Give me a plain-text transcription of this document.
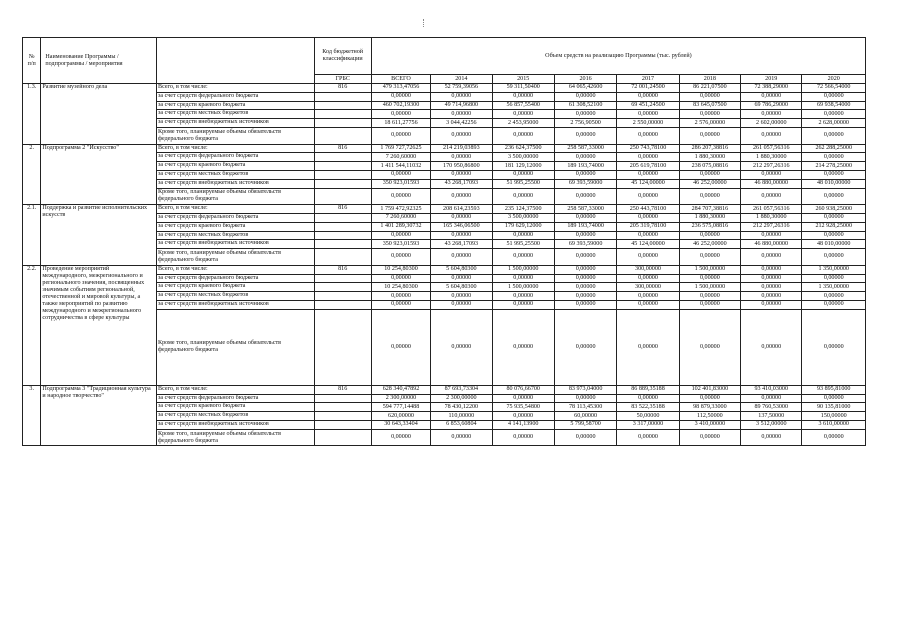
№
п/п	Наименование Программы / подпрограммы / мероприятия		Код бюджетной классификации	Объем средств на реализацию Программы (тыс. рублей)							
			ГРБС	ВСЕГО	2014	2015	2016	2017	2018	2019	2020
1.3.	Развитие музейного дела	Всего, в том числе:	816	479 313,47056	52 759,39056	59 311,50400	64 065,42600	72 001,24500	86 221,07500	72 388,29000	72 566,54000
		за счет средств федерального бюджета		0,00000	0,00000	0,00000	0,00000	0,00000	0,00000	0,00000	0,00000
		за счет средств краевого бюджета		460 702,19300	49 714,96800	56 857,55400	61 308,52100	69 451,24500	83 645,07500	69 786,29000	69 938,54000
		за счет средств местных бюджетов		0,00000	0,00000	0,00000	0,00000	0,00000	0,00000	0,00000	0,00000
		за счет средств внебюджетных источников		18 611,27756	3 044,42256	2 453,95000	2 756,90500	2 550,00000	2 576,00000	2 602,00000	2 628,00000
		Кроме того, планируемые объемы обязательств федерального бюджета		0,00000	0,00000	0,00000	0,00000	0,00000	0,00000	0,00000	0,00000
2.	Подпрограмма 2 "Искусство"	Всего, в том числе:	816	1 769 727,72625	214 219,03893	236 624,37500	258 587,33000	250 743,78100	286 207,38816	261 057,56316	262 288,25000
		за счет средств федерального бюджета		7 260,60000	0,00000	3 500,00000	0,00000	0,00000	1 880,30000	1 880,30000	0,00000
		за счет средств краевого бюджета		1 411 544,11032	170 950,86800	181 129,12000	189 193,74000	205 619,78100	238 075,08816	212 297,26316	214 278,25000
		за счет средств местных бюджетов		0,00000	0,00000	0,00000	0,00000	0,00000	0,00000	0,00000	0,00000
		за счет средств внебюджетных источников		350 923,01593	43 268,17093	51 995,25500	69 393,59000	45 124,00000	46 252,00000	46 880,00000	48 010,00000
		Кроме того, планируемые объемы обязательств федерального бюджета		0,00000	0,00000	0,00000	0,00000	0,00000	0,00000	0,00000	0,00000
2.1.	Поддержка и развитие исполнительских искусств	Всего, в том числе:	816	1 759 472,92325	208 614,23593	235 124,37500	258 587,33000	250 443,78100	284 707,38816	261 057,56316	260 938,25000
		за счет средств федерального бюджета		7 260,60000	0,00000	3 500,00000	0,00000	0,00000	1 880,30000	1 880,30000	0,00000
		за счет средств краевого бюджета		1 401 289,30732	165 346,06500	179 629,12000	189 193,74000	205 319,78100	236 575,08816	212 297,26316	212 928,25000
		за счет средств местных бюджетов		0,00000	0,00000	0,00000	0,00000	0,00000	0,00000	0,00000	0,00000
		за счет средств внебюджетных источников		350 923,01593	43 268,17093	51 995,25500	69 393,59000	45 124,00000	46 252,00000	46 880,00000	48 010,00000
		Кроме того, планируемые объемы обязательств федерального бюджета		0,00000	0,00000	0,00000	0,00000	0,00000	0,00000	0,00000	0,00000
2.2.	Проведение мероприятий международного, межрегионального и регионального значения, посвященных значимым событиям региональной, отечественной и мировой культуры, а также мероприятий по развитию международного и межрегионального сотрудничества в сфере культуры	Всего, в том числе:	816	10 254,80300	5 604,80300	1 500,00000	0,00000	300,00000	1 500,00000	0,00000	1 350,00000
		за счет средств федерального бюджета		0,00000	0,00000	0,00000	0,00000	0,00000	0,00000	0,00000	0,00000
		за счет средств краевого бюджета		10 254,80300	5 604,80300	1 500,00000	0,00000	300,00000	1 500,00000	0,00000	1 350,00000
		за счет средств местных бюджетов		0,00000	0,00000	0,00000	0,00000	0,00000	0,00000	0,00000	0,00000
		за счет средств внебюджетных источников		0,00000	0,00000	0,00000	0,00000	0,00000	0,00000	0,00000	0,00000
		Кроме того, планируемые объемы обязательств федерального бюджета		0,00000	0,00000	0,00000	0,00000	0,00000	0,00000	0,00000	0,00000
3.	Подпрограмма 3 "Традиционная культура и народное творчество"	Всего, в том числе:	816	628 340,47892	87 693,73304	80 076,66700	83 973,04000	86 889,35188	102 401,83000	93 410,03000	93 895,81000
		за счет средств федерального бюджета		2 300,00000	2 300,00000	0,00000	0,00000	0,00000	0,00000	0,00000	0,00000
		за счет средств краевого бюджета		594 777,14488	78 430,12200	75 935,54800	78 113,45300	83 522,35188	98 879,33000	89 760,53000	90 135,81000
		за счет средств местных бюджетов		620,00000	110,00000	0,00000	60,00000	50,00000	112,50000	137,50000	150,00000
		за счет средств внебюджетных источников		30 643,33404	6 853,60804	4 141,13900	5 799,58700	3 317,00000	3 410,00000	3 512,00000	3 610,00000
		Кроме того, планируемые объемы обязательств федерального бюджета		0,00000	0,00000	0,00000	0,00000	0,00000	0,00000	0,00000	0,00000
